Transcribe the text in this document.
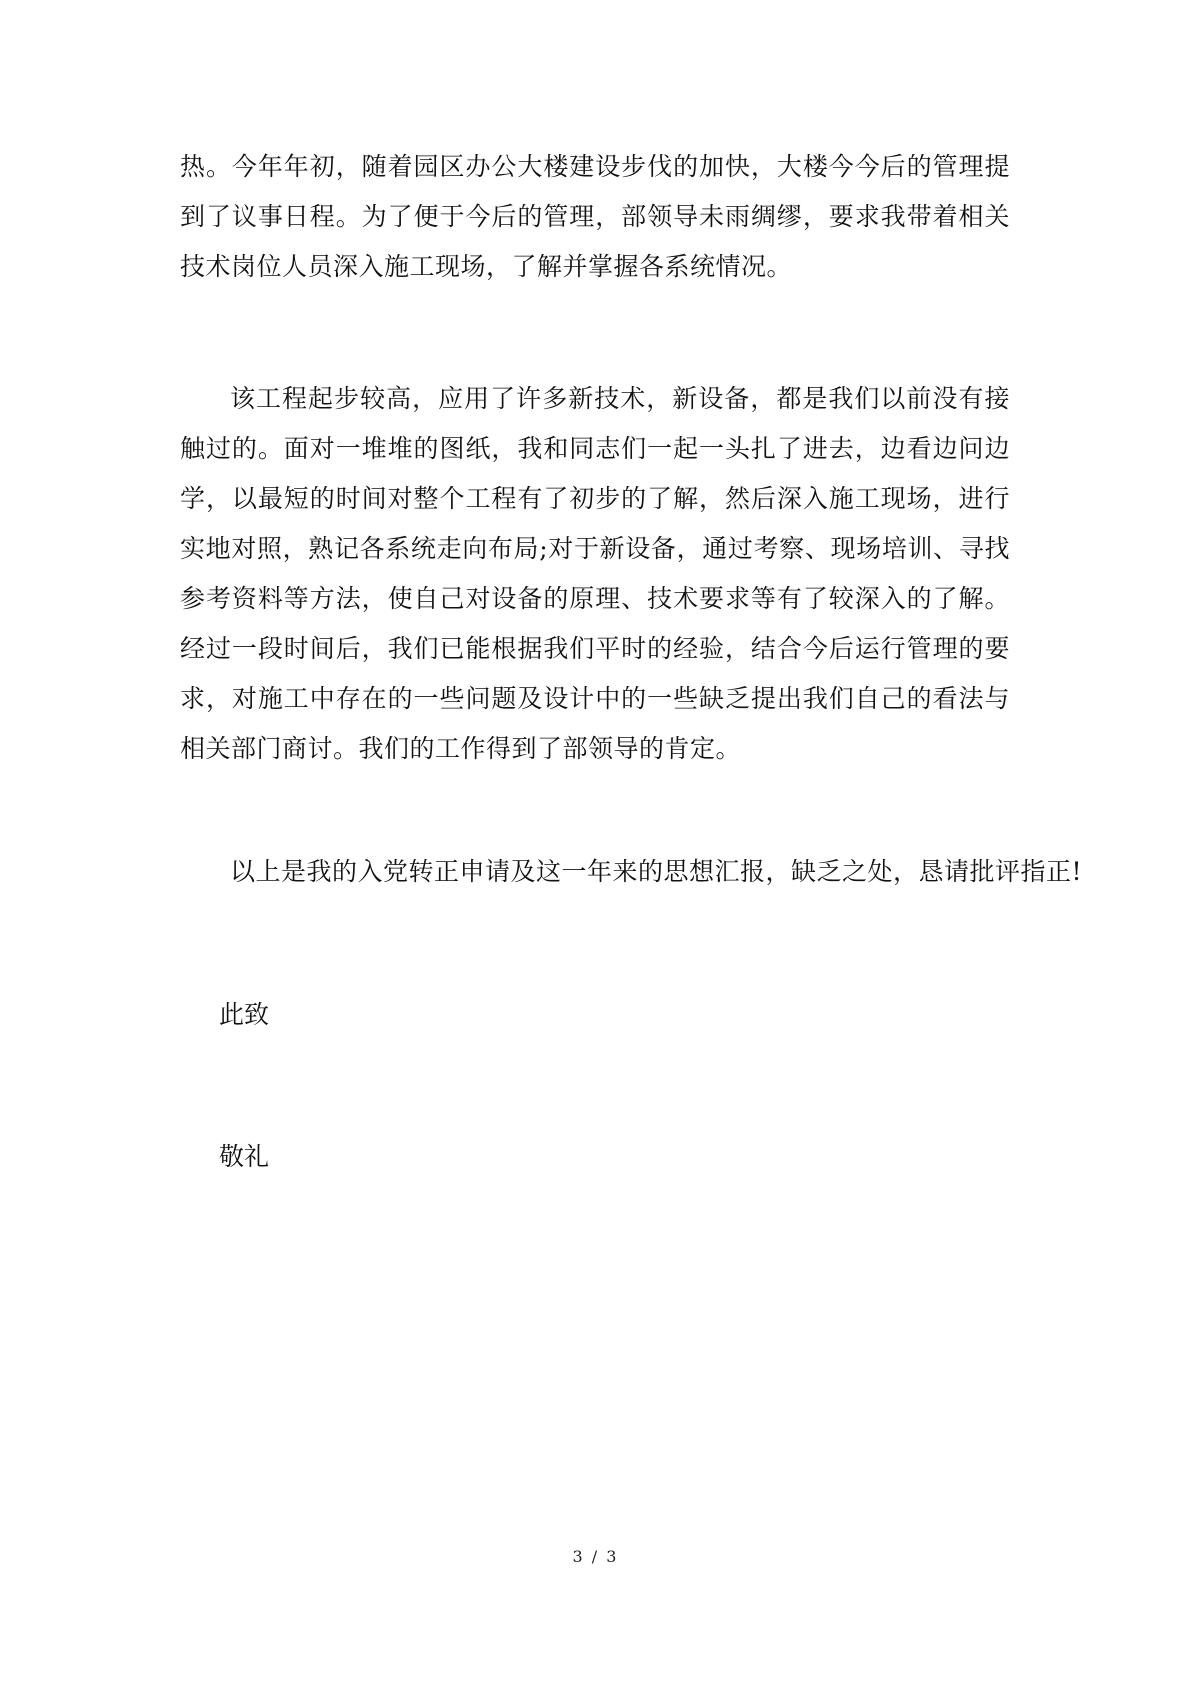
热。今年年初，随着园区办公大楼建设步伐的加快，大楼今今后的管理提到了议事日程。为了便于今后的管理，部领导未雨绸缪，要求我带着相关技术岗位人员深入施工现场，了解并掌握各系统情况。

该工程起步较高，应用了许多新技术，新设备，都是我们以前没有接触过的。面对一堆堆的图纸，我和同志们一起一头扎了进去，边看边问边学，以最短的时间对整个工程有了初步的了解，然后深入施工现场，进行实地对照，熟记各系统走向布局;对于新设备，通过考察、现场培训、寻找参考资料等方法，使自己对设备的原理、技术要求等有了较深入的了解。经过一段时间后，我们已能根据我们平时的经验，结合今后运行管理的要求，对施工中存在的一些问题及设计中的一些缺乏提出我们自己的看法与相关部门商讨。我们的工作得到了部领导的肯定。

以上是我的入党转正申请及这一年来的思想汇报，缺乏之处，恳请批评指正!

此致

敬礼

3 / 3
